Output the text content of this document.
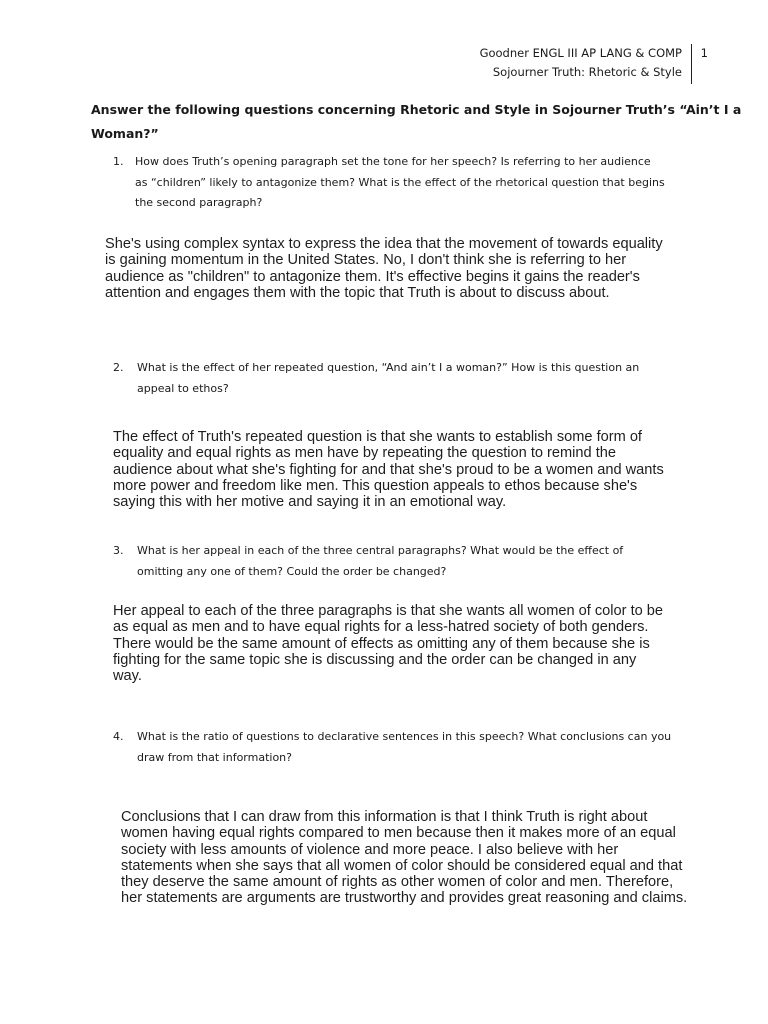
Goodner ENGL III AP LANG & COMP
Sojourner Truth: Rhetoric & Style
1
Answer the following questions concerning Rhetoric and Style in Sojourner Truth’s “Ain’t I a
Woman?”
1. How does Truth’s opening paragraph set the tone for her speech? Is referring to her audience
as “children” likely to antagonize them? What is the effect of the rhetorical question that begins
the second paragraph?
She's using complex syntax to express the idea that the movement of towards equality
is gaining momentum in the United States. No, I don't think she is referring to her
audience as "children" to antagonize them. It's effective begins it gains the reader's
attention and engages them with the topic that Truth is about to discuss about.
2. What is the effect of her repeated question, “And ain’t I a woman?” How is this question an
appeal to ethos?
The effect of Truth's repeated question is that she wants to establish some form of
equality and equal rights as men have by repeating the question to remind the
audience about what she's fighting for and that she's proud to be a women and wants
more power and freedom like men. This question appeals to ethos because she's
saying this with her motive and saying it in an emotional way.
3. What is her appeal in each of the three central paragraphs? What would be the effect of
omitting any one of them? Could the order be changed?
Her appeal to each of the three paragraphs is that she wants all women of color to be
as equal as men and to have equal rights for a less-hatred society of both genders.
There would be the same amount of effects as omitting any of them because she is
fighting for the same topic she is discussing and the order can be changed in any
way.
4. What is the ratio of questions to declarative sentences in this speech? What conclusions can you
draw from that information?
Conclusions that I can draw from this information is that I think Truth is right about
women having equal rights compared to men because then it makes more of an equal
society with less amounts of violence and more peace. I also believe with her
statements when she says that all women of color should be considered equal and that
they deserve the same amount of rights as other women of color and men. Therefore,
her statements are arguments are trustworthy and provides great reasoning and claims.
